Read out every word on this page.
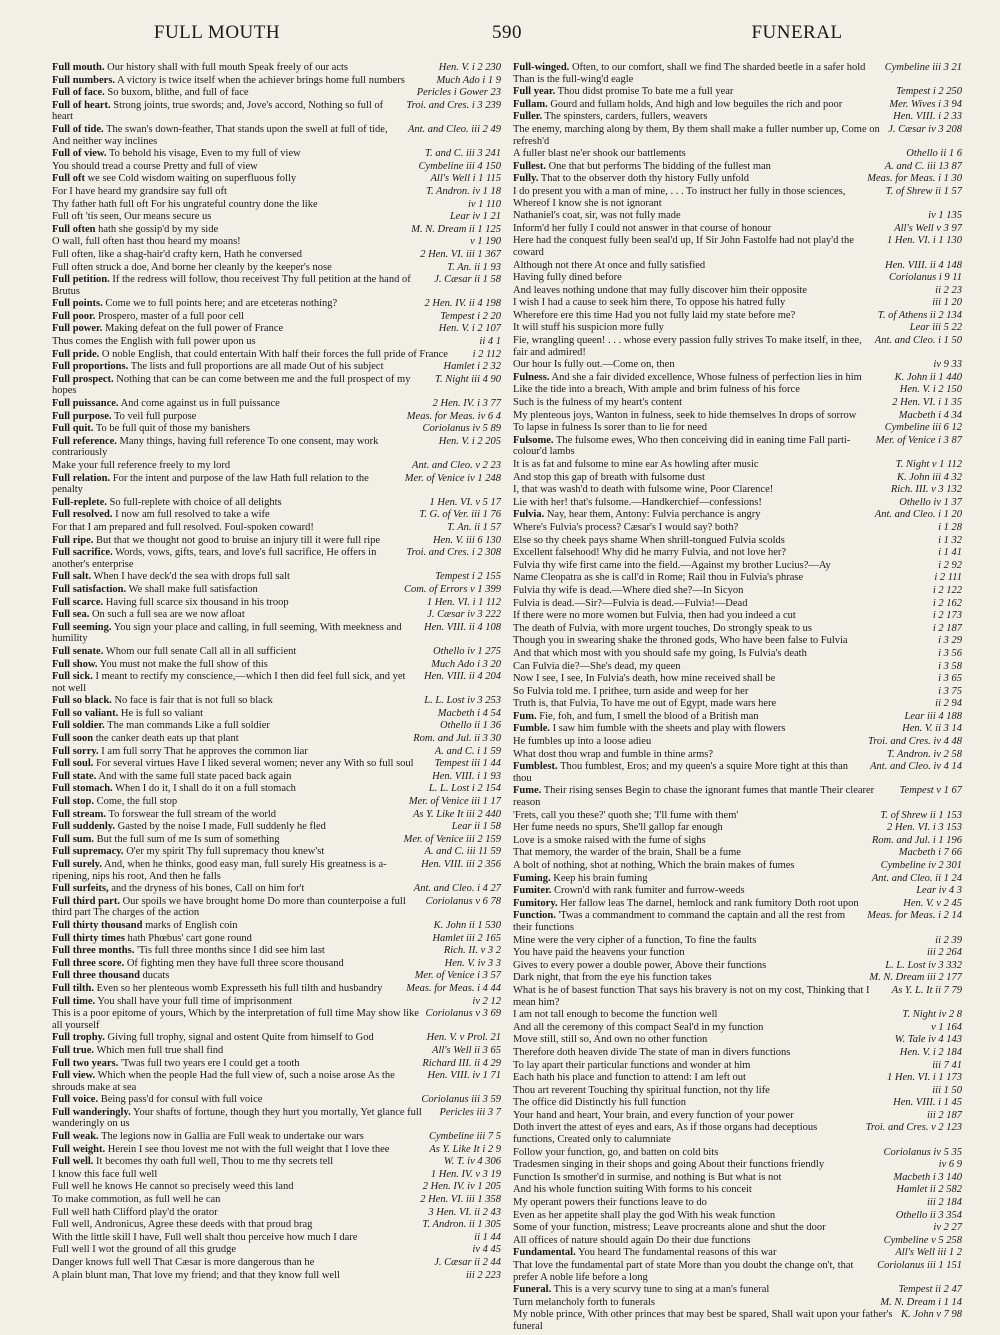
FULL MOUTH	590	FUNERAL
Hen. V. i 2 230
Full mouth. Our history shall with full mouth Speak freely of our acts
Much Ado i 1 9
Full numbers. A victory is twice itself when the achiever brings home full numbers
Pericles i Gower 23
Full of face. So buxom, blithe, and full of face
Troi. and Cres. i 3 239
Full of heart. Strong joints, true swords; and, Jove's accord, Nothing so full of heart
Ant. and Cleo. iii 2 49
Full of tide. The swan's down-feather, That stands upon the swell at full of tide, And neither way inclines
T. and C. iii 3 241
Full of view. To behold his visage, Even to my full of view
Cymbeline iii 4 150
You should tread a course Pretty and full of view
All's Well i 1 115
Full oft we see Cold wisdom waiting on superfluous folly
T. Andron. iv 1 18
For I have heard my grandsire say full oft
iv 1 110
Thy father hath full oft For his ungrateful country done the like
Lear iv 1 21
Full oft 'tis seen, Our means secure us
M. N. Dream ii 1 125
Full often hath she gossip'd by my side
v 1 190
O wall, full often hast thou heard my moans!
2 Hen. VI. iii 1 367
Full often, like a shag-hair'd crafty kern, Hath he conversed
T. An. ii 1 93
Full often struck a doe, And borne her cleanly by the keeper's nose
J. Cæsar ii 1 58
Full petition. If the redress will follow, thou receivest Thy full petition at the hand of Brutus
2 Hen. IV. ii 4 198
Full points. Come we to full points here; and are etceteras nothing?
Tempest i 2 20
Full poor. Prospero, master of a full poor cell
Hen. V. i 2 107
Full power. Making defeat on the full power of France
ii 4 1
Thus comes the English with full power upon us
i 2 112
Full pride. O noble English, that could entertain With half their forces the full pride of France
Hamlet i 2 32
Full proportions. The lists and full proportions are all made Out of his subject
T. Night iii 4 90
Full prospect. Nothing that can be can come between me and the full prospect of my hopes
2 Hen. IV. i 3 77
Full puissance. And come against us in full puissance
Meas. for Meas. iv 6 4
Full purpose. To veil full purpose
Coriolanus iv 5 89
Full quit. To be full quit of those my banishers
Hen. V. i 2 205
Full reference. Many things, having full reference To one consent, may work contrariously
Ant. and Cleo. v 2 23
Make your full reference freely to my lord
Mer. of Venice iv 1 248
Full relation. For the intent and purpose of the law Hath full relation to the penalty
1 Hen. VI. v 5 17
Full-replete. So full-replete with choice of all delights
T. G. of Ver. iii 1 76
Full resolved. I now am full resolved to take a wife
T. An. ii 1 57
For that I am prepared and full resolved. Foul-spoken coward!
Hen. V. iii 6 130
Full ripe. But that we thought not good to bruise an injury till it were full ripe
Troi. and Cres. i 2 308
Full sacrifice. Words, vows, gifts, tears, and love's full sacrifice, He offers in another's enterprise
Tempest i 2 155
Full salt. When I have deck'd the sea with drops full salt
Com. of Errors v 1 399
Full satisfaction. We shall make full satisfaction
1 Hen. VI. i 1 112
Full scarce. Having full scarce six thousand in his troop
J. Cæsar iv 3 222
Full sea. On such a full sea are we now afloat
Hen. VIII. ii 4 108
Full seeming. You sign your place and calling, in full seeming, With meekness and humility
Othello iv 1 275
Full senate. Whom our full senate Call all in all sufficient
Much Ado i 3 20
Full show. You must not make the full show of this
Hen. VIII. ii 4 204
Full sick. I meant to rectify my conscience,—which I then did feel full sick, and yet not well
L. L. Lost iv 3 253
Full so black. No face is fair that is not full so black
Macbeth i 4 54
Full so valiant. He is full so valiant
Othello ii 1 36
Full soldier. The man commands Like a full soldier
Rom. and Jul. ii 3 30
Full soon the canker death eats up that plant
A. and C. i 1 59
Full sorry. I am full sorry That he approves the common liar
Tempest iii 1 44
Full soul. For several virtues Have I liked several women; never any With so full soul
Hen. VIII. i 1 93
Full state. And with the same full state paced back again
L. L. Lost i 2 154
Full stomach. When I do it, I shall do it on a full stomach
Mer. of Venice iii 1 17
Full stop. Come, the full stop
As Y. Like It iii 2 440
Full stream. To forswear the full stream of the world
Lear ii 1 58
Full suddenly. Gasted by the noise I made, Full suddenly he fled
Mer. of Venice iii 2 159
Full sum. But the full sum of me Is sum of something
A. and C. iii 11 59
Full supremacy. O'er my spirit Thy full supremacy thou knew'st
Hen. VIII. iii 2 356
Full surely. And, when he thinks, good easy man, full surely His greatness is a-ripening, nips his root, And then he falls
Ant. and Cleo. i 4 27
Full surfeits, and the dryness of his bones, Call on him for't
Coriolanus v 6 78
Full third part. Our spoils we have brought home Do more than counterpoise a full third part The charges of the action
K. John ii 1 530
Full thirty thousand marks of English coin
Hamlet iii 2 165
Full thirty times hath Phœbus' cart gone round
Rich. II. v 3 2
Full three months. 'Tis full three months since I did see him last
Hen. V. iv 3 3
Full three score. Of fighting men they have full three score thousand
Mer. of Venice i 3 57
Full three thousand ducats
Meas. for Meas. i 4 44
Full tilth. Even so her plenteous womb Expresseth his full tilth and husbandry
iv 2 12
Full time. You shall have your full time of imprisonment
Coriolanus v 3 69
This is a poor epitome of yours, Which by the interpretation of full time May show like all yourself
Hen. V. v Prol. 21
Full trophy. Giving full trophy, signal and ostent Quite from himself to God
All's Well ii 3 65
Full true. Which men full true shall find
Richard III. ii 4 29
Full two years. 'Twas full two years ere I could get a tooth
Hen. VIII. iv 1 71
Full view. Which when the people Had the full view of, such a noise arose As the shrouds make at sea
Coriolanus iii 3 59
Full voice. Being pass'd for consul with full voice
Pericles iii 3 7
Full wanderingly. Your shafts of fortune, though they hurt you mortally, Yet glance full wanderingly on us
Cymbeline iii 7 5
Full weak. The legions now in Gallia are Full weak to undertake our wars
As Y. Like It i 2 9
Full weight. Herein I see thou lovest me not with the full weight that I love thee
W. T. iv 4 306
Full well. It becomes thy oath full well, Thou to me thy secrets tell
1 Hen. IV. v 3 19
I know this face full well
2 Hen. IV. iv 1 205
Full well he knows He cannot so precisely weed this land
2 Hen. VI. iii 1 358
To make commotion, as full well he can
3 Hen. VI. ii 2 43
Full well hath Clifford play'd the orator
T. Andron. ii 1 305
Full well, Andronicus, Agree these deeds with that proud brag
ii 1 44
With the little skill I have, Full well shalt thou perceive how much I dare
iv 4 45
Full well I wot the ground of all this grudge
J. Cæsar ii 2 44
Danger knows full well That Cæsar is more dangerous than he
iii 2 223
A plain blunt man, That love my friend; and that they know full well
Cymbeline iii 3 21
Full-winged. Often, to our comfort, shall we find The sharded beetle in a safer hold Than is the full-wing'd eagle
Tempest i 2 250
Full year. Thou didst promise To bate me a full year
Mer. Wives i 3 94
Fullam. Gourd and fullam holds, And high and low beguiles the rich and poor
Hen. VIII. i 2 33
Fuller. The spinsters, carders, fullers, weavers
J. Cæsar iv 3 208
The enemy, marching along by them, By them shall make a fuller number up, Come on refresh'd
Othello ii 1 6
A fuller blast ne'er shook our battlements
A. and C. iii 13 87
Fullest. One that but performs The bidding of the fullest man
Meas. for Meas. i 1 30
Fully. That to the observer doth thy history Fully unfold
T. of Shrew ii 1 57
I do present you with a man of mine, . . . To instruct her fully in those sciences, Whereof I know she is not ignorant
iv 1 135
Nathaniel's coat, sir, was not fully made
All's Well v 3 97
Inform'd her fully I could not answer in that course of honour
1 Hen. VI. i 1 130
Here had the conquest fully been seal'd up, If Sir John Fastolfe had not play'd the coward
Hen. VIII. ii 4 148
Although not there At once and fully satisfied
Coriolanus i 9 11
Having fully dined before
ii 2 23
And leaves nothing undone that may fully discover him their opposite
iii 1 20
I wish I had a cause to seek him there, To oppose his hatred fully
T. of Athens ii 2 134
Wherefore ere this time Had you not fully laid my state before me?
Lear iii 5 22
It will stuff his suspicion more fully
Ant. and Cleo. i 1 50
Fie, wrangling queen! . . . whose every passion fully strives To make itself, in thee, fair and admired!
iv 9 33
Our hour Is fully out.—Come on, then
K. John ii 1 440
Fulness. And she a fair divided excellence, Whose fulness of perfection lies in him
Hen. V. i 2 150
Like the tide into a breach, With ample and brim fulness of his force
2 Hen. VI. i 1 35
Such is the fulness of my heart's content
Macbeth i 4 34
My plenteous joys, Wanton in fulness, seek to hide themselves In drops of sorrow
Cymbeline iii 6 12
To lapse in fulness Is sorer than to lie for need
Mer. of Venice i 3 87
Fulsome. The fulsome ewes, Who then conceiving did in eaning time Fall parti-colour'd lambs
T. Night v 1 112
It is as fat and fulsome to mine ear As howling after music
K. John iii 4 32
And stop this gap of breath with fulsome dust
Rich. III. v 3 132
I, that was wash'd to death with fulsome wine, Poor Clarence!
Othello iv 1 37
Lie with her! that's fulsome.—Handkerchief—confessions!
Ant. and Cleo. i 1 20
Fulvia. Nay, hear them, Antony: Fulvia perchance is angry
i 1 28
Where's Fulvia's process? Cæsar's I would say? both?
i 1 32
Else so thy cheek pays shame When shrill-tongued Fulvia scolds
i 1 41
Excellent falsehood! Why did he marry Fulvia, and not love her?
i 2 92
Fulvia thy wife first came into the field.—Against my brother Lucius?—Ay
i 2 111
Name Cleopatra as she is call'd in Rome; Rail thou in Fulvia's phrase
i 2 122
Fulvia thy wife is dead.—Where died she?—In Sicyon
i 2 162
Fulvia is dead.—Sir?—Fulvia is dead.—Fulvia!—Dead
i 2 173
If there were no more women but Fulvia, then had you indeed a cut
i 2 187
The death of Fulvia, with more urgent touches, Do strongly speak to us
i 3 29
Though you in swearing shake the throned gods, Who have been false to Fulvia
i 3 56
And that which most with you should safe my going, Is Fulvia's death
i 3 58
Can Fulvia die?—She's dead, my queen
i 3 65
Now I see, I see, In Fulvia's death, how mine received shall be
i 3 75
So Fulvia told me. I prithee, turn aside and weep for her
ii 2 94
Truth is, that Fulvia, To have me out of Egypt, made wars here
Lear iii 4 188
Fum. Fie, foh, and fum, I smell the blood of a British man
Hen. V. ii 3 14
Fumble. I saw him fumble with the sheets and play with flowers
Troi. and Cres. iv 4 48
He fumbles up into a loose adieu
T. Andron. iv 2 58
What dost thou wrap and fumble in thine arms?
Ant. and Cleo. iv 4 14
Fumblest. Thou fumblest, Eros; and my queen's a squire More tight at this than thou
Tempest v 1 67
Fume. Their rising senses Begin to chase the ignorant fumes that mantle Their clearer reason
T. of Shrew ii 1 153
'Frets, call you these?' quoth she; 'I'll fume with them'
2 Hen. VI. i 3 153
Her fume needs no spurs, She'll gallop far enough
Rom. and Jul. i 1 196
Love is a smoke raised with the fume of sighs
Macbeth i 7 66
That memory, the warder of the brain, Shall be a fume
Cymbeline iv 2 301
A bolt of nothing, shot at nothing, Which the brain makes of fumes
Ant. and Cleo. ii 1 24
Fuming. Keep his brain fuming
Lear iv 4 3
Fumiter. Crown'd with rank fumiter and furrow-weeds
Hen. V. v 2 45
Fumitory. Her fallow leas The darnel, hemlock and rank fumitory Doth root upon
Meas. for Meas. i 2 14
Function. 'Twas a commandment to command the captain and all the rest from their functions
ii 2 39
Mine were the very cipher of a function, To fine the faults
iii 2 264
You have paid the heavens your function
L. L. Lost iv 3 332
Gives to every power a double power, Above their functions
M. N. Dream iii 2 177
Dark night, that from the eye his function takes
As Y. L. It ii 7 79
What is he of basest function That says his bravery is not on my cost, Thinking that I mean him?
T. Night iv 2 8
I am not tall enough to become the function well
v 1 164
And all the ceremony of this compact Seal'd in my function
W. Tale iv 4 143
Move still, still so, And own no other function
Hen. V. i 2 184
Therefore doth heaven divide The state of man in divers functions
iii 7 41
To lay apart their particular functions and wonder at him
1 Hen. VI. i 1 173
Each hath his place and function to attend: I am left out
iii 1 50
Thou art reverent Touching thy spiritual function, not thy life
Hen. VIII. i 1 45
The office did Distinctly his full function
iii 2 187
Your hand and heart, Your brain, and every function of your power
Troi. and Cres. v 2 123
Doth invert the attest of eyes and ears, As if those organs had deceptious functions, Created only to calumniate
Coriolanus iv 5 35
Follow your function, go, and batten on cold bits
iv 6 9
Tradesmen singing in their shops and going About their functions friendly
Macbeth i 3 140
Function Is smother'd in surmise, and nothing is But what is not
Hamlet ii 2 582
And his whole function suiting With forms to his conceit
iii 2 184
My operant powers their functions leave to do
Othello ii 3 354
Even as her appetite shall play the god With his weak function
iv 2 27
Some of your function, mistress; Leave procreants alone and shut the door
Cymbeline v 5 258
All offices of nature should again Do their due functions
All's Well iii 1 2
Fundamental. You heard The fundamental reasons of this war
Coriolanus iii 1 151
That love the fundamental part of state More than you doubt the change on't, that prefer A noble life before a long
Tempest ii 2 47
Funeral. This is a very scurvy tune to sing at a man's funeral
M. N. Dream i 1 14
Turn melancholy forth to funerals
K. John v 7 98
My noble prince, With other princes that may best be spared, Shall wait upon your father's funeral
